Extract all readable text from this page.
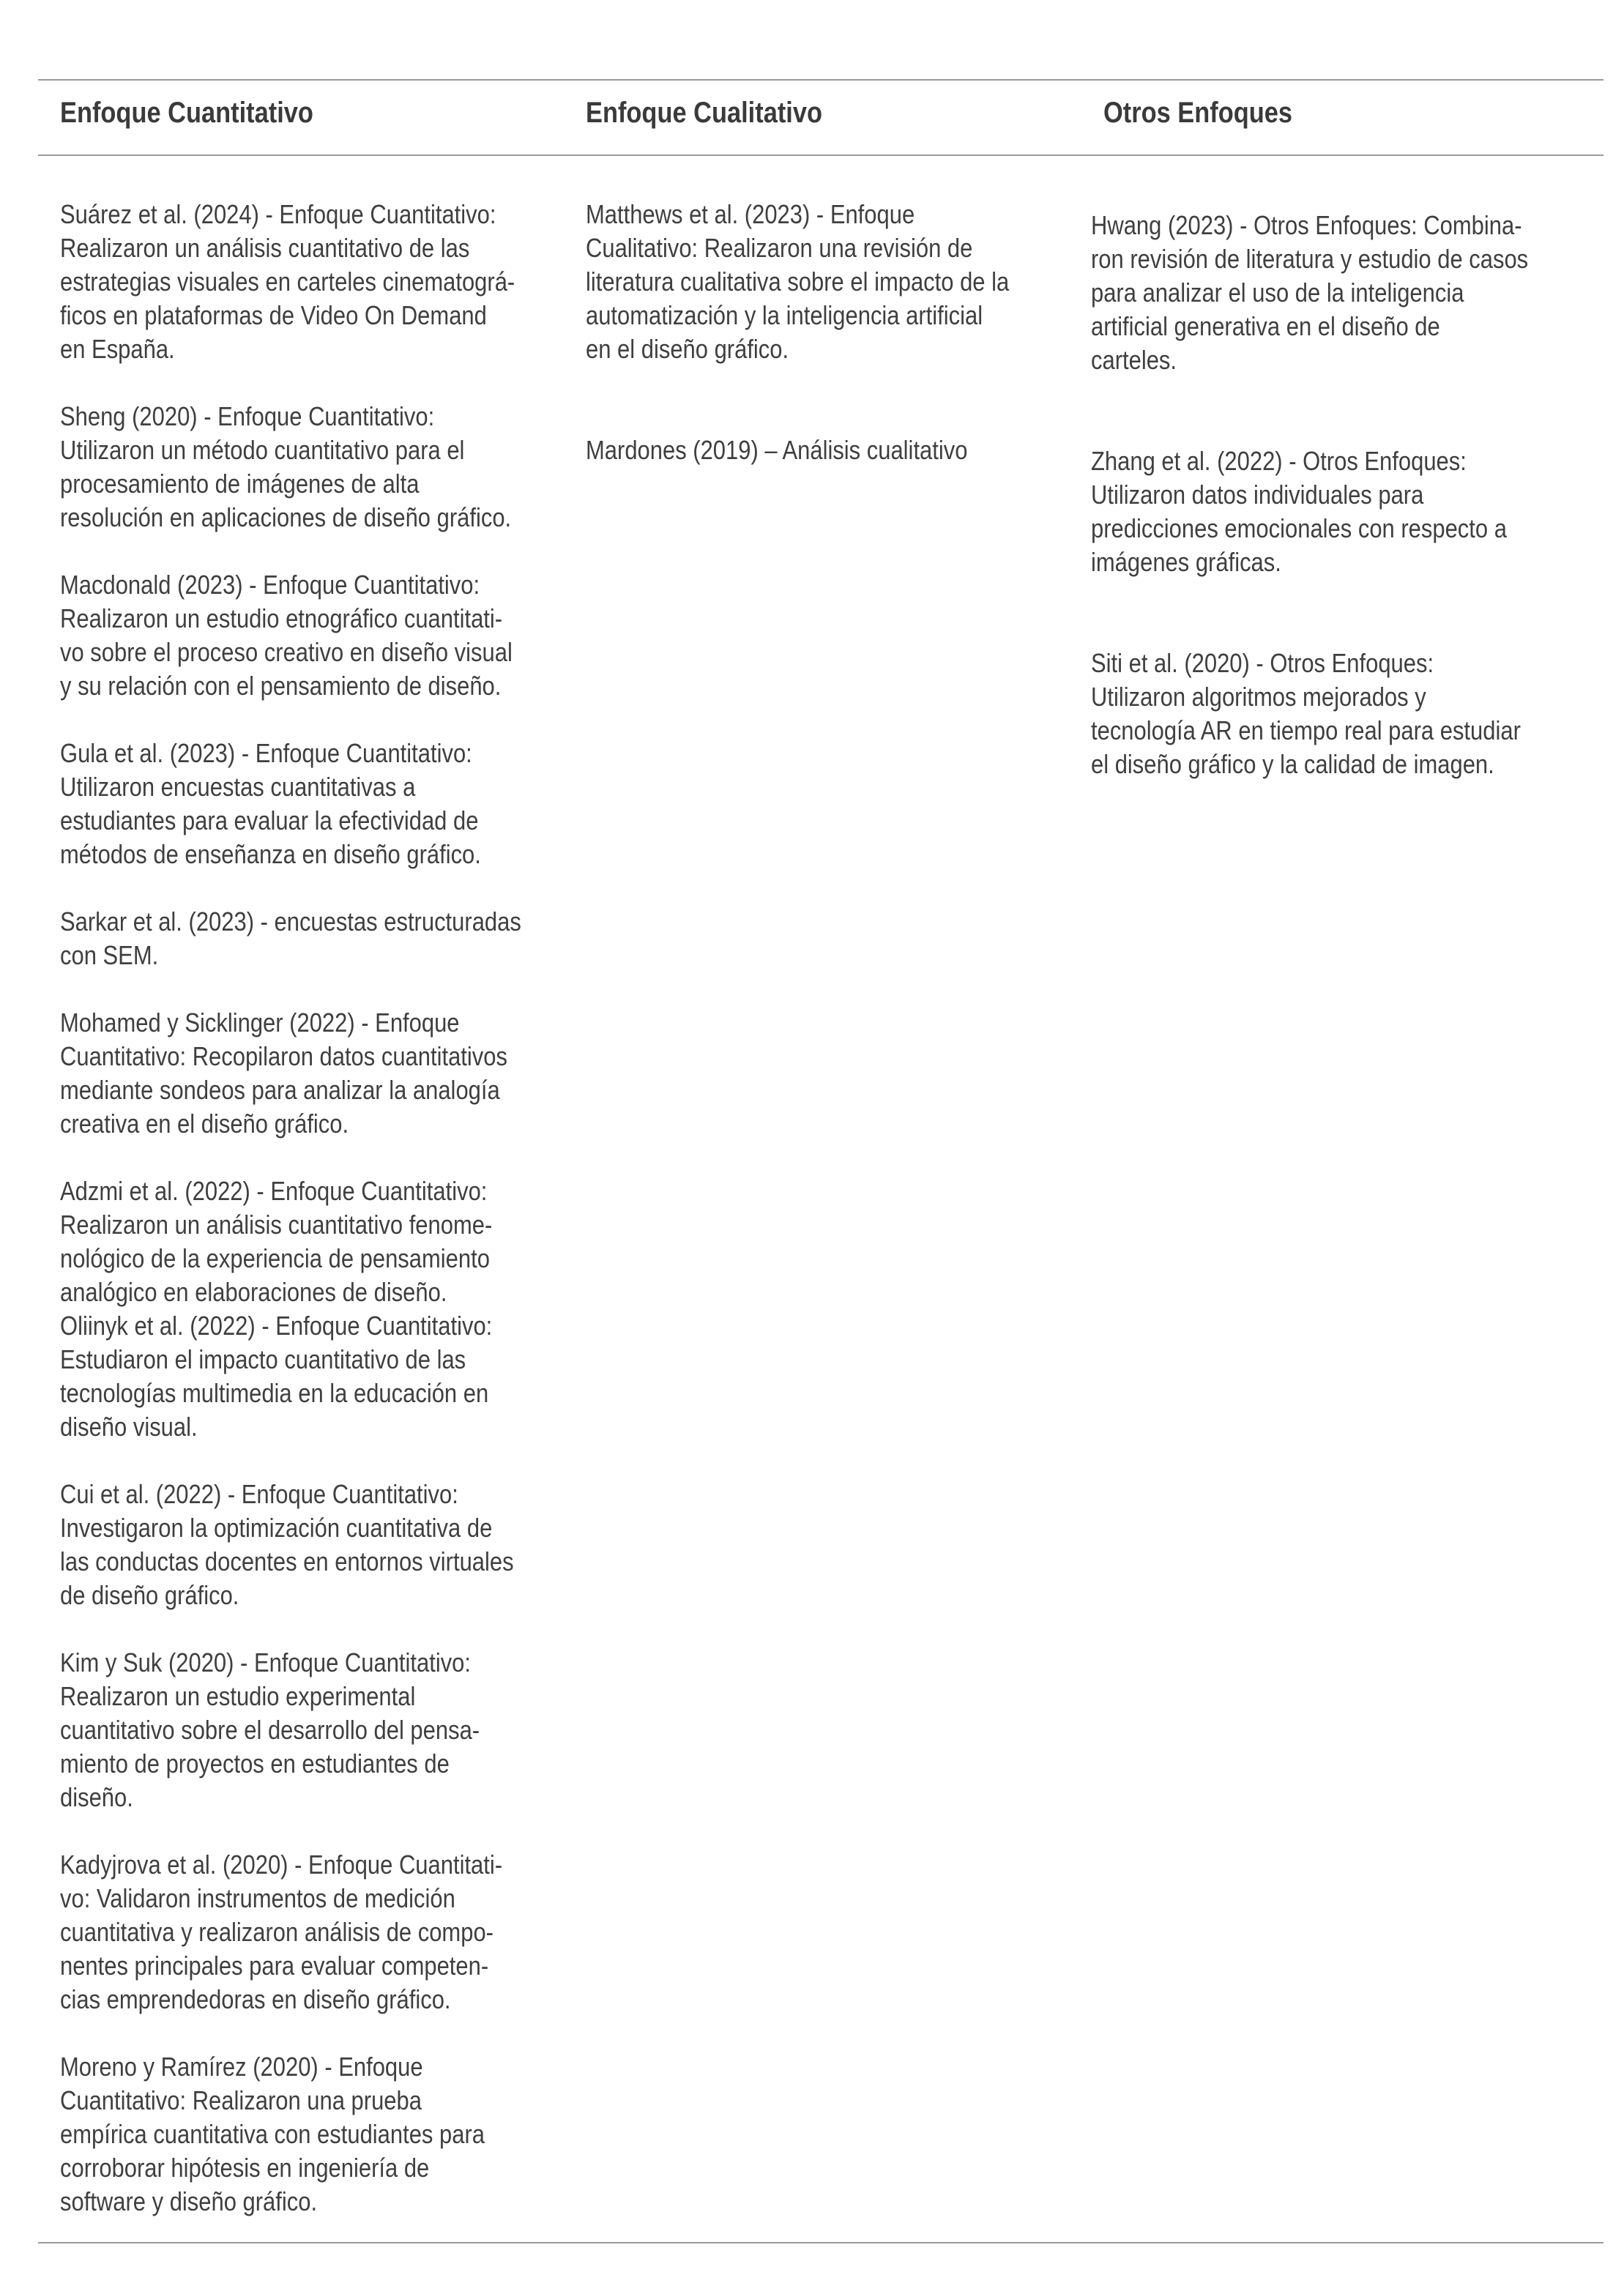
Enfoque Cuantitativo	Enfoque Cualitativo	Otros Enfoques
Suárez et al. (2024) - Enfoque Cuantitativo:
Realizaron un análisis cuantitativo de las
estrategias visuales en carteles cinematográ-
ficos en plataformas de Video On Demand
en España.
Sheng (2020) - Enfoque Cuantitativo:
Utilizaron un método cuantitativo para el
procesamiento de imágenes de alta
resolución en aplicaciones de diseño gráfico.
Macdonald (2023) - Enfoque Cuantitativo:
Realizaron un estudio etnográfico cuantitati-
vo sobre el proceso creativo en diseño visual
y su relación con el pensamiento de diseño.
Gula et al. (2023) - Enfoque Cuantitativo:
Utilizaron encuestas cuantitativas a
estudiantes para evaluar la efectividad de
métodos de enseñanza en diseño gráfico.
Sarkar et al. (2023) - encuestas estructuradas
con SEM.
Mohamed y Sicklinger (2022) - Enfoque
Cuantitativo: Recopilaron datos cuantitativos
mediante sondeos para analizar la analogía
creativa en el diseño gráfico.
Adzmi et al. (2022) - Enfoque Cuantitativo:
Realizaron un análisis cuantitativo fenome-
nológico de la experiencia de pensamiento
analógico en elaboraciones de diseño.
Oliinyk et al. (2022) - Enfoque Cuantitativo:
Estudiaron el impacto cuantitativo de las
tecnologías multimedia en la educación en
diseño visual.
Cui et al. (2022) - Enfoque Cuantitativo:
Investigaron la optimización cuantitativa de
las conductas docentes en entornos virtuales
de diseño gráfico.
Kim y Suk (2020) - Enfoque Cuantitativo:
Realizaron un estudio experimental
cuantitativo sobre el desarrollo del pensa-
miento de proyectos en estudiantes de
diseño.
Kadyjrova et al. (2020) - Enfoque Cuantitati-
vo: Validaron instrumentos de medición
cuantitativa y realizaron análisis de compo-
nentes principales para evaluar competen-
cias emprendedoras en diseño gráfico.
Moreno y Ramírez (2020) - Enfoque
Cuantitativo: Realizaron una prueba
empírica cuantitativa con estudiantes para
corroborar hipótesis en ingeniería de
software y diseño gráfico.
Matthews et al. (2023) - Enfoque
Cualitativo: Realizaron una revisión de
literatura cualitativa sobre el impacto de la
automatización y la inteligencia artificial
en el diseño gráfico.
Mardones (2019) – Análisis cualitativo
Hwang (2023) - Otros Enfoques: Combina-
ron revisión de literatura y estudio de casos
para analizar el uso de la inteligencia
artificial generativa en el diseño de
carteles.
Zhang et al. (2022) - Otros Enfoques:
Utilizaron datos individuales para
predicciones emocionales con respecto a
imágenes gráficas.
Siti et al. (2020) - Otros Enfoques:
Utilizaron algoritmos mejorados y
tecnología AR en tiempo real para estudiar
el diseño gráfico y la calidad de imagen.
